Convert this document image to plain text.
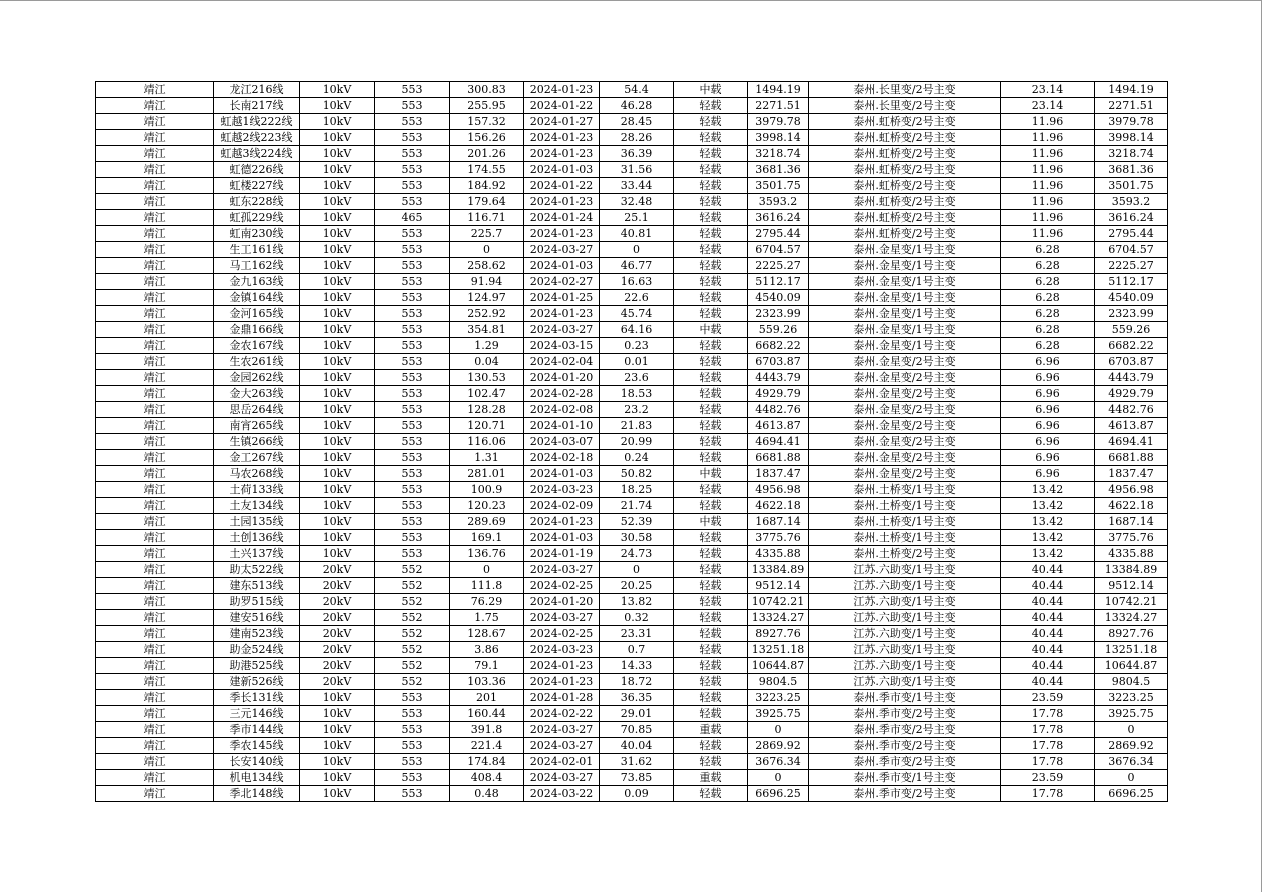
靖江	龙江216线	10kV	553	300.83	2024-01-23	54.4	中载	1494.19	泰州.长里变/2号主变	23.14	1494.19
靖江	长南217线	10kV	553	255.95	2024-01-22	46.28	轻载	2271.51	泰州.长里变/2号主变	23.14	2271.51
靖江	虹越1线222线	10kV	553	157.32	2024-01-27	28.45	轻载	3979.78	泰州.虹桥变/2号主变	11.96	3979.78
靖江	虹越2线223线	10kV	553	156.26	2024-01-23	28.26	轻载	3998.14	泰州.虹桥变/2号主变	11.96	3998.14
靖江	虹越3线224线	10kV	553	201.26	2024-01-23	36.39	轻载	3218.74	泰州.虹桥变/2号主变	11.96	3218.74
靖江	虹德226线	10kV	553	174.55	2024-01-03	31.56	轻载	3681.36	泰州.虹桥变/2号主变	11.96	3681.36
靖江	虹楼227线	10kV	553	184.92	2024-01-22	33.44	轻载	3501.75	泰州.虹桥变/2号主变	11.96	3501.75
靖江	虹东228线	10kV	553	179.64	2024-01-23	32.48	轻载	3593.2	泰州.虹桥变/2号主变	11.96	3593.2
靖江	虹孤229线	10kV	465	116.71	2024-01-24	25.1	轻载	3616.24	泰州.虹桥变/2号主变	11.96	3616.24
靖江	虹南230线	10kV	553	225.7	2024-01-23	40.81	轻载	2795.44	泰州.虹桥变/2号主变	11.96	2795.44
靖江	生工161线	10kV	553	0	2024-03-27	0	轻载	6704.57	泰州.金星变/1号主变	6.28	6704.57
靖江	马工162线	10kV	553	258.62	2024-01-03	46.77	轻载	2225.27	泰州.金星变/1号主变	6.28	2225.27
靖江	金九163线	10kV	553	91.94	2024-02-27	16.63	轻载	5112.17	泰州.金星变/1号主变	6.28	5112.17
靖江	金镇164线	10kV	553	124.97	2024-01-25	22.6	轻载	4540.09	泰州.金星变/1号主变	6.28	4540.09
靖江	金河165线	10kV	553	252.92	2024-01-23	45.74	轻载	2323.99	泰州.金星变/1号主变	6.28	2323.99
靖江	金鼎166线	10kV	553	354.81	2024-03-27	64.16	中载	559.26	泰州.金星变/1号主变	6.28	559.26
靖江	金农167线	10kV	553	1.29	2024-03-15	0.23	轻载	6682.22	泰州.金星变/1号主变	6.28	6682.22
靖江	生农261线	10kV	553	0.04	2024-02-04	0.01	轻载	6703.87	泰州.金星变/2号主变	6.96	6703.87
靖江	金园262线	10kV	553	130.53	2024-01-20	23.6	轻载	4443.79	泰州.金星变/2号主变	6.96	4443.79
靖江	金大263线	10kV	553	102.47	2024-02-28	18.53	轻载	4929.79	泰州.金星变/2号主变	6.96	4929.79
靖江	思岳264线	10kV	553	128.28	2024-02-08	23.2	轻载	4482.76	泰州.金星变/2号主变	6.96	4482.76
靖江	南宵265线	10kV	553	120.71	2024-01-10	21.83	轻载	4613.87	泰州.金星变/2号主变	6.96	4613.87
靖江	生镇266线	10kV	553	116.06	2024-03-07	20.99	轻载	4694.41	泰州.金星变/2号主变	6.96	4694.41
靖江	金工267线	10kV	553	1.31	2024-02-18	0.24	轻载	6681.88	泰州.金星变/2号主变	6.96	6681.88
靖江	马农268线	10kV	553	281.01	2024-01-03	50.82	中载	1837.47	泰州.金星变/2号主变	6.96	1837.47
靖江	土荷133线	10kV	553	100.9	2024-03-23	18.25	轻载	4956.98	泰州.土桥变/1号主变	13.42	4956.98
靖江	土友134线	10kV	553	120.23	2024-02-09	21.74	轻载	4622.18	泰州.土桥变/1号主变	13.42	4622.18
靖江	土园135线	10kV	553	289.69	2024-01-23	52.39	中载	1687.14	泰州.土桥变/1号主变	13.42	1687.14
靖江	土创136线	10kV	553	169.1	2024-01-03	30.58	轻载	3775.76	泰州.土桥变/1号主变	13.42	3775.76
靖江	土兴137线	10kV	553	136.76	2024-01-19	24.73	轻载	4335.88	泰州.土桥变/2号主变	13.42	4335.88
靖江	助太522线	20kV	552	0	2024-03-27	0	轻载	13384.89	江苏.六助变/1号主变	40.44	13384.89
靖江	建东513线	20kV	552	111.8	2024-02-25	20.25	轻载	9512.14	江苏.六助变/1号主变	40.44	9512.14
靖江	助罗515线	20kV	552	76.29	2024-01-20	13.82	轻载	10742.21	江苏.六助变/1号主变	40.44	10742.21
靖江	建安516线	20kV	552	1.75	2024-03-27	0.32	轻载	13324.27	江苏.六助变/1号主变	40.44	13324.27
靖江	建南523线	20kV	552	128.67	2024-02-25	23.31	轻载	8927.76	江苏.六助变/1号主变	40.44	8927.76
靖江	助金524线	20kV	552	3.86	2024-03-23	0.7	轻载	13251.18	江苏.六助变/1号主变	40.44	13251.18
靖江	助港525线	20kV	552	79.1	2024-01-23	14.33	轻载	10644.87	江苏.六助变/1号主变	40.44	10644.87
靖江	建新526线	20kV	552	103.36	2024-01-23	18.72	轻载	9804.5	江苏.六助变/1号主变	40.44	9804.5
靖江	季长131线	10kV	553	201	2024-01-28	36.35	轻载	3223.25	泰州.季市变/1号主变	23.59	3223.25
靖江	三元146线	10kV	553	160.44	2024-02-22	29.01	轻载	3925.75	泰州.季市变/2号主变	17.78	3925.75
靖江	季市144线	10kV	553	391.8	2024-03-27	70.85	重载	0	泰州.季市变/2号主变	17.78	0
靖江	季农145线	10kV	553	221.4	2024-03-27	40.04	轻载	2869.92	泰州.季市变/2号主变	17.78	2869.92
靖江	长安140线	10kV	553	174.84	2024-02-01	31.62	轻载	3676.34	泰州.季市变/2号主变	17.78	3676.34
靖江	机电134线	10kV	553	408.4	2024-03-27	73.85	重载	0	泰州.季市变/1号主变	23.59	0
靖江	季北148线	10kV	553	0.48	2024-03-22	0.09	轻载	6696.25	泰州.季市变/2号主变	17.78	6696.25
